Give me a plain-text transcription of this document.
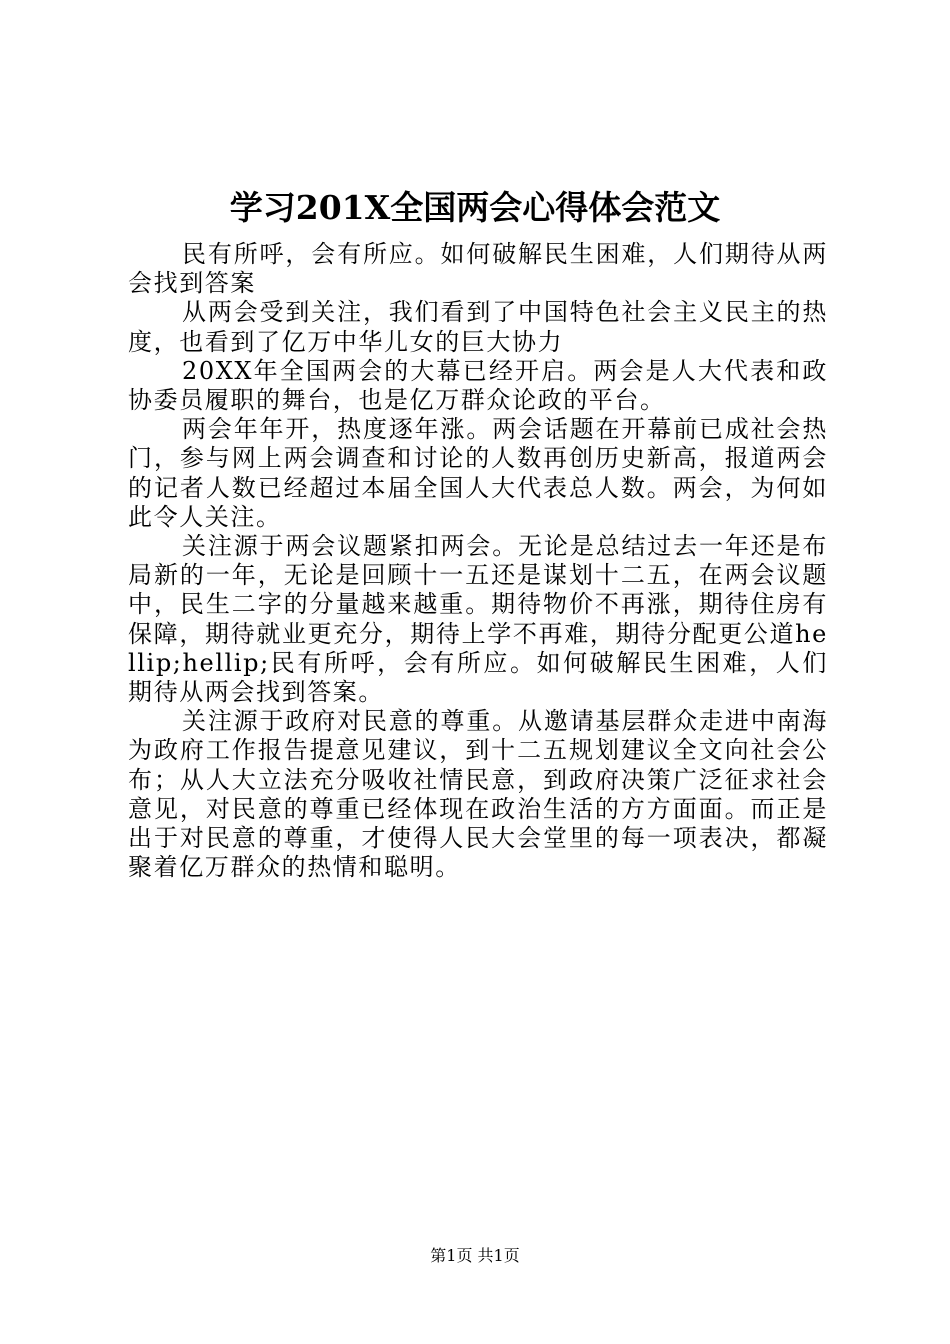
学习201X全国两会心得体会范文

民有所呼，会有所应。如何破解民生困难，人们期待从两会找到答案

从两会受到关注，我们看到了中国特色社会主义民主的热度，也看到了亿万中华儿女的巨大协力

20XX年全国两会的大幕已经开启。两会是人大代表和政协委员履职的舞台，也是亿万群众论政的平台。

两会年年开，热度逐年涨。两会话题在开幕前已成社会热门，参与网上两会调查和讨论的人数再创历史新高，报道两会的记者人数已经超过本届全国人大代表总人数。两会，为何如此令人关注。

关注源于两会议题紧扣两会。无论是总结过去一年还是布局新的一年，无论是回顾十一五还是谋划十二五，在两会议题中，民生二字的分量越来越重。期待物价不再涨，期待住房有保障，期待就业更充分，期待上学不再难，期待分配更公道hellip;hellip;民有所呼，会有所应。如何破解民生困难，人们期待从两会找到答案。

关注源于政府对民意的尊重。从邀请基层群众走进中南海为政府工作报告提意见建议，到十二五规划建议全文向社会公布；从人大立法充分吸收社情民意，到政府决策广泛征求社会意见，对民意的尊重已经体现在政治生活的方方面面。而正是出于对民意的尊重，才使得人民大会堂里的每一项表决，都凝聚着亿万群众的热情和聪明。

第1页 共1页
